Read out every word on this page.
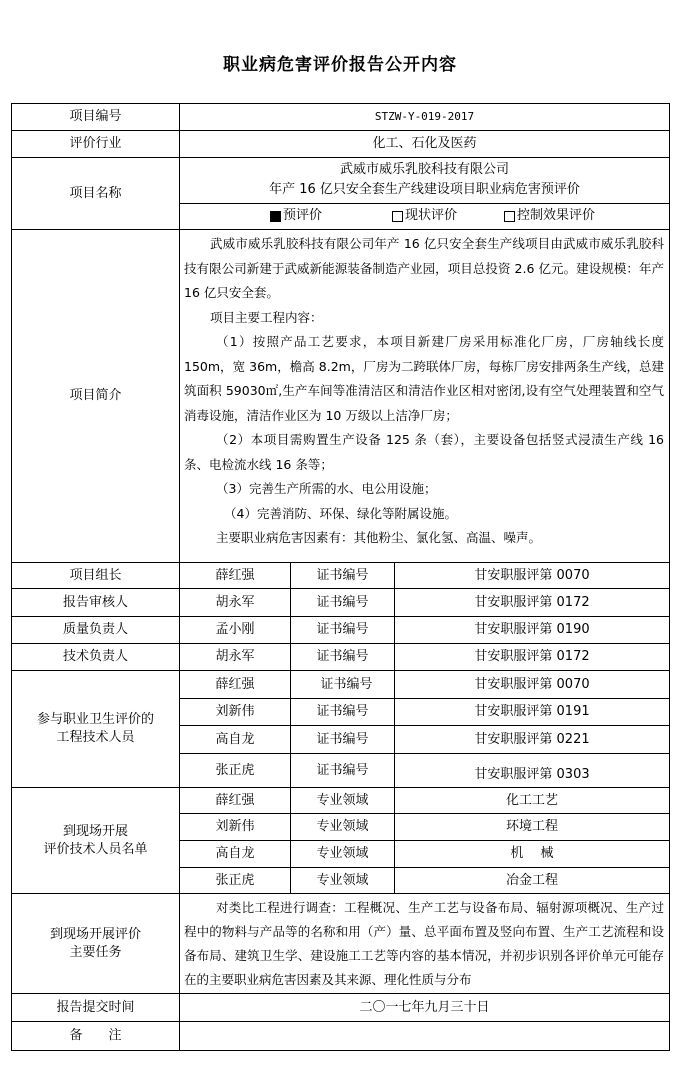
职业病危害评价报告公开内容
项目编号	STZW-Y-019-2017
评价行业	化工、石化及医药
项目名称
武威市威乐乳胶科技有限公司
年产 16 亿只安全套生产线建设项目职业病危害预评价
预评价	现状评价	控制效果评价
项目简介

武威市威乐乳胶科技有限公司年产 16 亿只安全套生产线项目由武威市威乐乳胶科技有限公司新建于武威新能源装备制造产业园，项目总投资 2.6 亿元。建设规模：年产 16 亿只安全套。

项目主要工程内容：

（1）按照产品工艺要求，本项目新建厂房采用标准化厂房，厂房轴线长度150m，宽 36m，檐高 8.2m，厂房为二跨联体厂房，每栋厂房安排两条生产线，总建筑面积 59030㎡,生产车间等准清洁区和清洁作业区相对密闭,设有空气处理装置和空气消毒设施，清洁作业区为 10 万级以上洁净厂房；

（2）本项目需购置生产设备 125 条（套），主要设备包括竖式浸渍生产线 16 条、电检流水线 16 条等；

（3）完善生产所需的水、电公用设施；

（4）完善消防、环保、绿化等附属设施。

主要职业病危害因素有：其他粉尘、氯化氢、高温、噪声。

项目组长	薛红强	证书编号	甘安职服评第 0070
报告审核人	胡永军	证书编号	甘安职服评第 0172
质量负责人	孟小刚	证书编号	甘安职服评第 0190
技术负责人	胡永军	证书编号	甘安职服评第 0172
参与职业卫生评价的
工程技术人员
薛红强	证书编号	甘安职服评第 0070
刘新伟	证书编号	甘安职服评第 0191
高自龙	证书编号	甘安职服评第 0221
张正虎	证书编号	甘安职服评第 0303
到现场开展
评价技术人员名单
薛红强	专业领域	化工工艺
刘新伟	专业领域	环境工程
高自龙	专业领域	机　 械
张正虎	专业领域	冶金工程
到现场开展评价
主要任务

对类比工程进行调查：工程概况、生产工艺与设备布局、辐射源项概况、生产过程中的物料与产品等的名称和用（产）量、总平面布置及竖向布置、生产工艺流程和设备布局、建筑卫生学、建设施工工艺等内容的基本情况，并初步识别各评价单元可能存在的主要职业病危害因素及其来源、理化性质与分布

报告提交时间	二〇一七年九月三十日
备　　注
